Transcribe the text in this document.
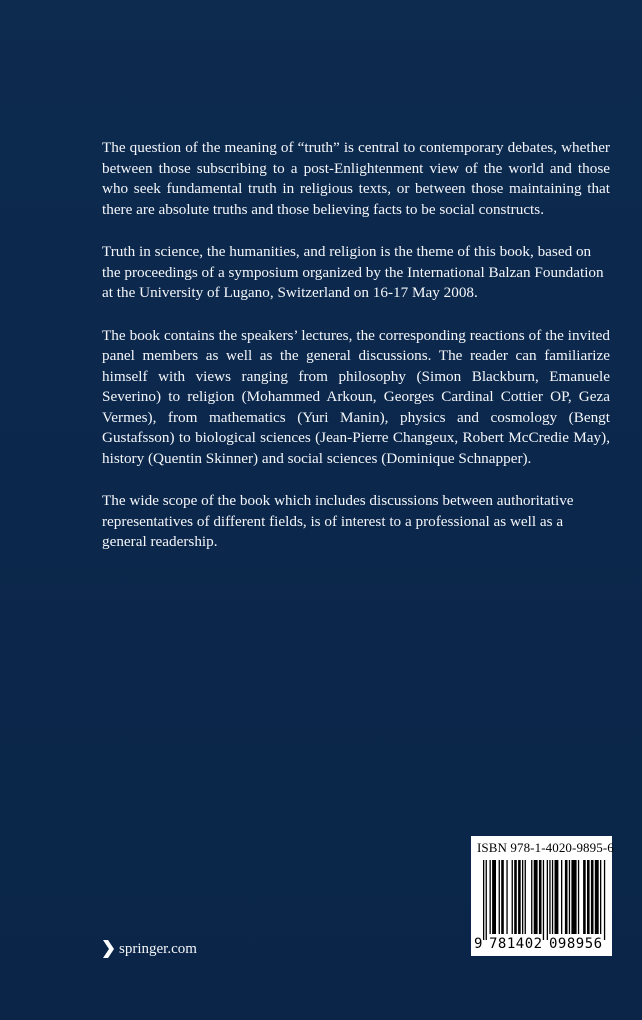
The question of the meaning of “truth” is central to contemporary debates, whether between those subscribing to a post-Enlightenment view of the world and those who seek fundamental truth in religious texts, or between those maintaining that there are absolute truths and those believing facts to be social constructs.

Truth in science, the humanities, and religion is the theme of this book, based on the proceedings of a symposium organized by the International Balzan Foundation at the University of Lugano, Switzerland on 16-17 May 2008.

The book contains the speakers’ lectures, the corresponding reactions of the invited panel members as well as the general discussions. The reader can familiarize himself with views ranging from philosophy (Simon Blackburn, Emanuele Severino) to religion (Mohammed Arkoun, Georges Cardinal Cottier OP, Geza Vermes), from mathematics (Yuri Manin), physics and cosmology (Bengt Gustafsson) to biological sciences (Jean-Pierre Changeux, Robert McCredie May), history (Quentin Skinner) and social sciences (Dominique Schnapper).

The wide scope of the book which includes discussions between authoritative representatives of different fields, is of interest to a professional as well as a general readership.

springer.com
ISBN 978-1-4020-9895-6
9 781402 098956
